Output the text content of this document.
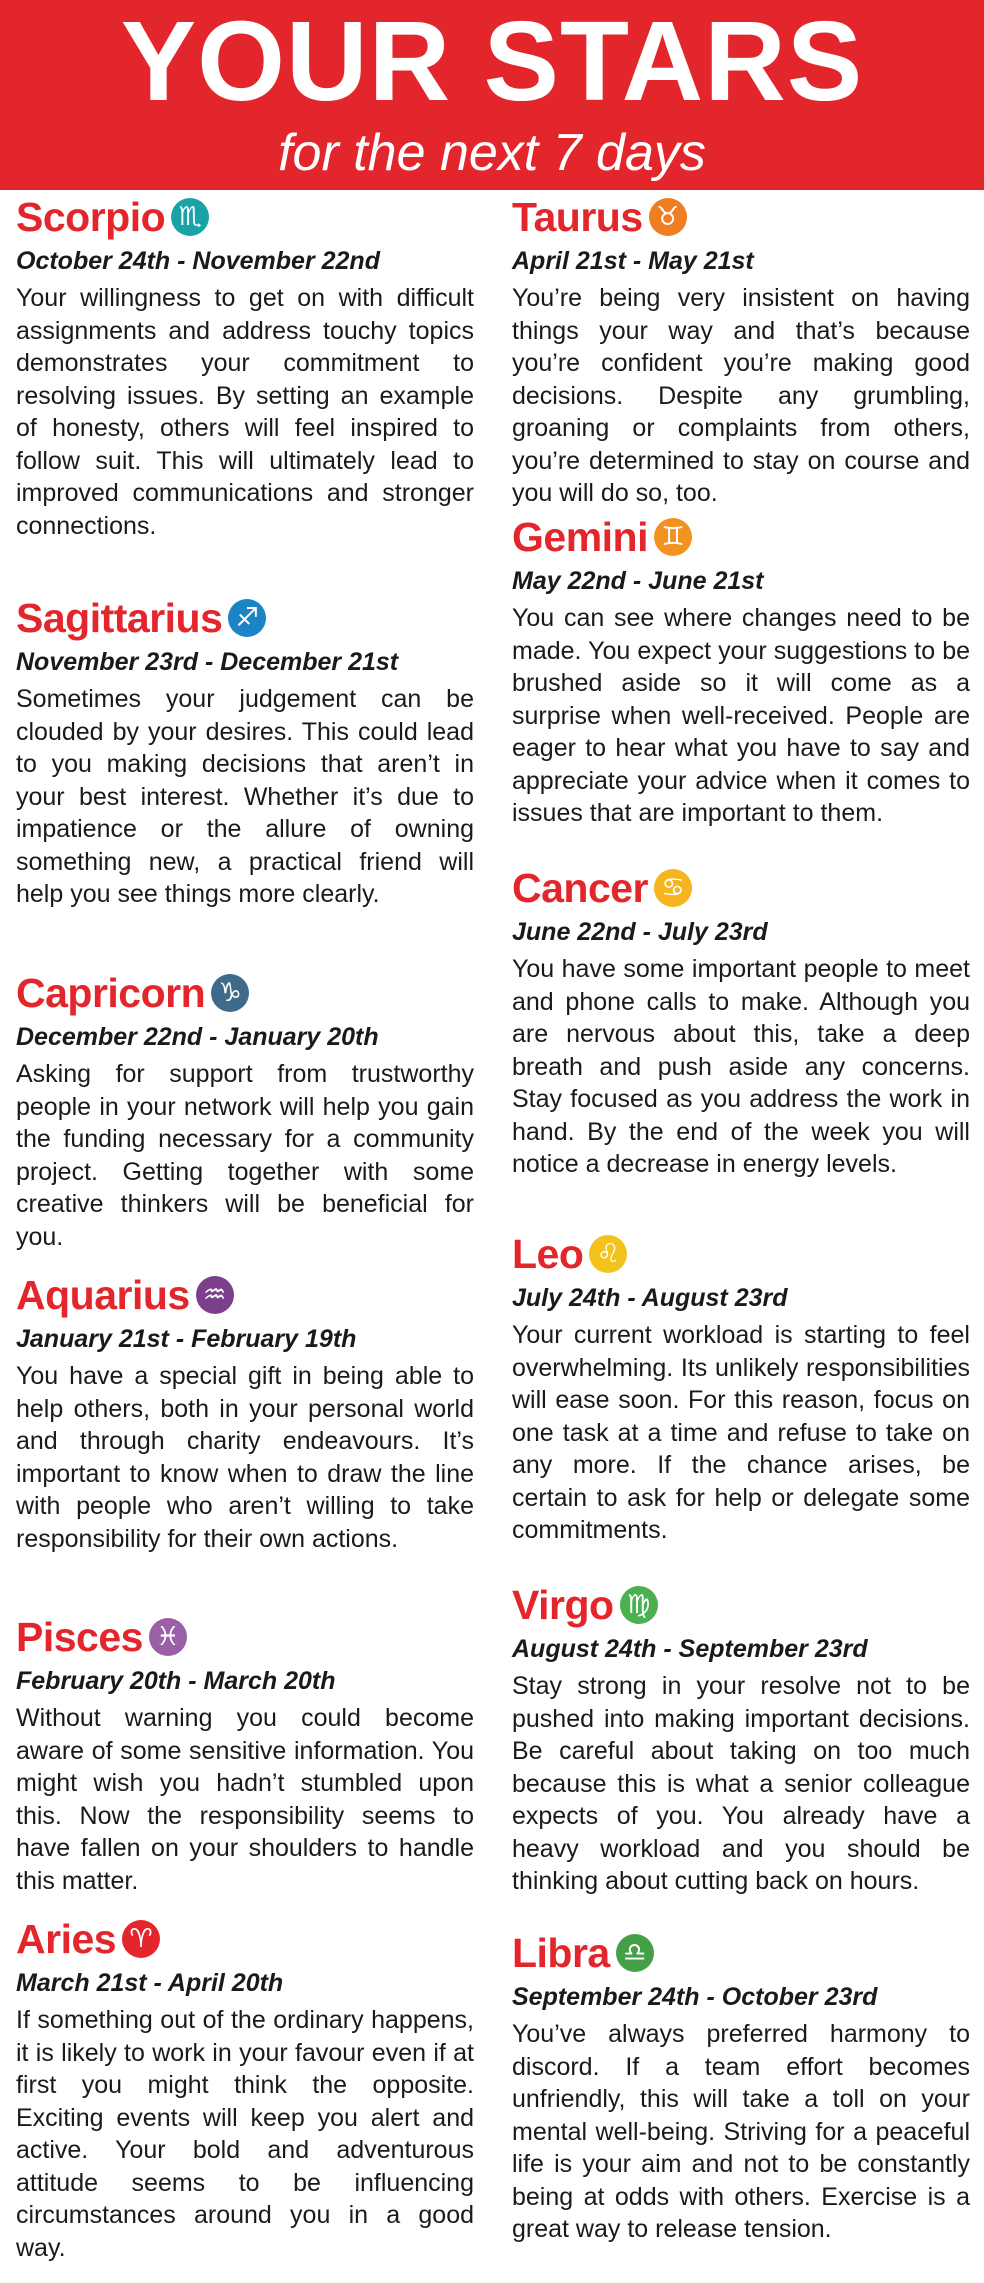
YOUR STARS
for the next 7 days
Scorpio ♏
October 24th - November 22nd
Your willingness to get on with difficult assignments and address touchy topics demonstrates your commitment to resolving issues. By setting an example of honesty, others will feel inspired to follow suit. This will ultimately lead to improved communications and stronger connections.
Sagittarius ♐
November 23rd - December 21st
Sometimes your judgement can be clouded by your desires. This could lead to you making decisions that aren’t in your best interest. Whether it’s due to impatience or the allure of owning something new, a practical friend will help you see things more clearly.
Capricorn ♑
December 22nd - January 20th
Asking for support from trustworthy people in your network will help you gain the funding necessary for a community project. Getting together with some creative thinkers will be beneficial for you.
Aquarius ♒
January 21st - February 19th
You have a special gift in being able to help others, both in your personal world and through charity endeavours. It’s important to know when to draw the line with people who aren’t willing to take responsibility for their own actions.
Pisces ♓
February 20th - March 20th
Without warning you could become aware of some sensitive information. You might wish you hadn’t stumbled upon this. Now the responsibility seems to have fallen on your shoulders to handle this matter.
Aries ♈
March 21st - April 20th
If something out of the ordinary happens, it is likely to work in your favour even if at first you might think the opposite. Exciting events will keep you alert and active. Your bold and adventurous attitude seems to be influencing circumstances around you in a good way.
Taurus ♉
April 21st - May 21st
You’re being very insistent on having things your way and that’s because you’re confident you’re making good decisions. Despite any grumbling, groaning or complaints from others, you’re determined to stay on course and you will do so, too.
Gemini ♊
May 22nd - June 21st
You can see where changes need to be made. You expect your suggestions to be brushed aside so it will come as a surprise when well-received. People are eager to hear what you have to say and appreciate your advice when it comes to issues that are important to them.
Cancer ♋
June 22nd - July 23rd
You have some important people to meet and phone calls to make. Although you are nervous about this, take a deep breath and push aside any concerns. Stay focused as you address the work in hand. By the end of the week you will notice a decrease in energy levels.
Leo ♌
July 24th - August 23rd
Your current workload is starting to feel overwhelming. Its unlikely responsibilities will ease soon. For this reason, focus on one task at a time and refuse to take on any more. If the chance arises, be certain to ask for help or delegate some commitments.
Virgo ♍
August 24th - September 23rd
Stay strong in your resolve not to be pushed into making important decisions. Be careful about taking on too much because this is what a senior colleague expects of you. You already have a heavy workload and you should be thinking about cutting back on hours.
Libra ♎
September 24th - October 23rd
You’ve always preferred harmony to discord. If a team effort becomes unfriendly, this will take a toll on your mental well-being. Striving for a peaceful life is your aim and not to be constantly being at odds with others. Exercise is a great way to release tension.
